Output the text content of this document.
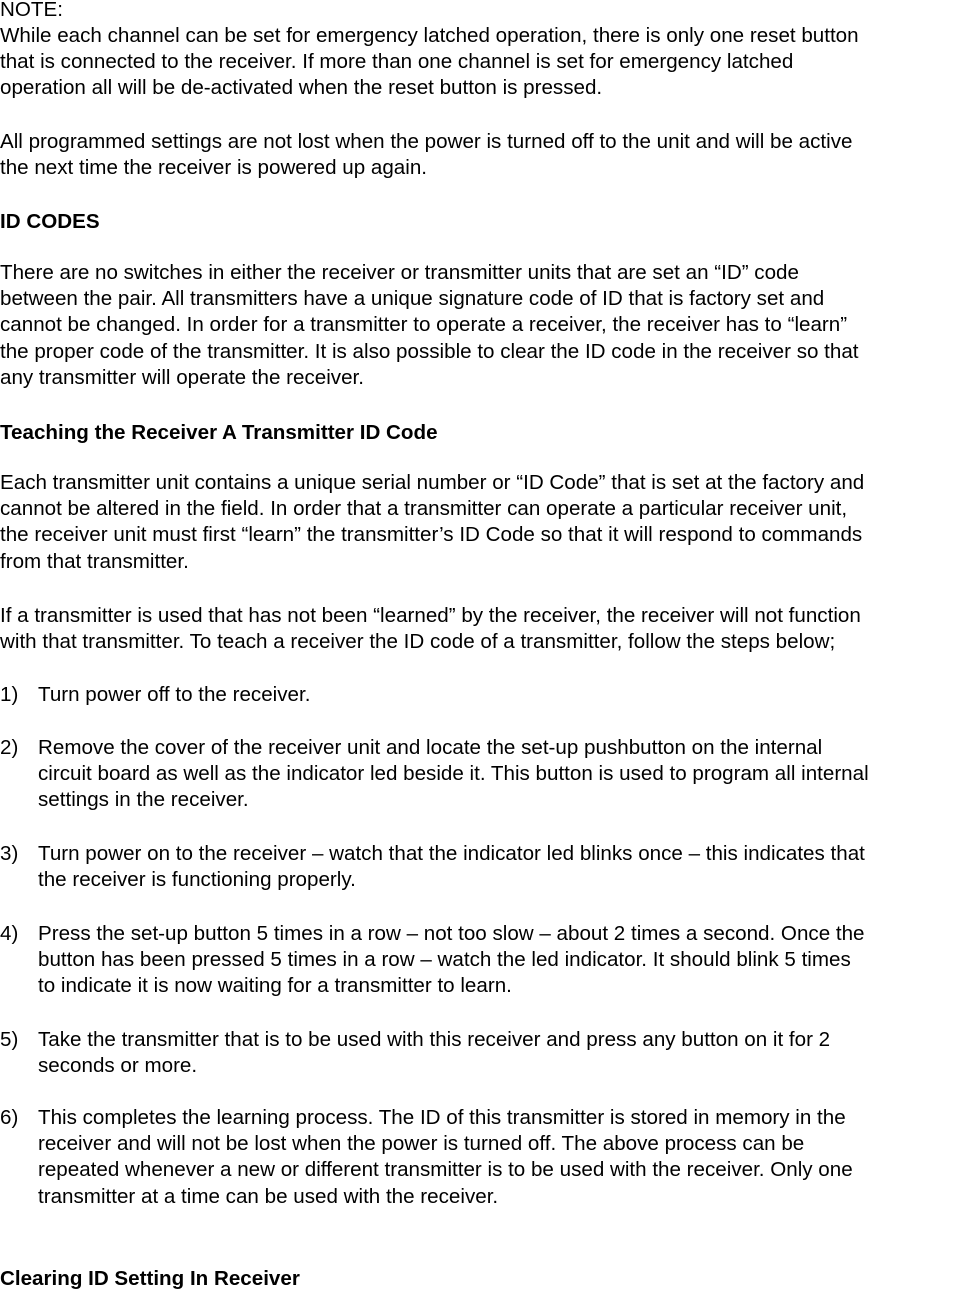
NOTE:

While each channel can be set for emergency latched operation, there is only one reset button
that is connected to the receiver. If more than one channel is set for emergency latched
operation all will be de-activated when the reset button is pressed.

All programmed settings are not lost when the power is turned off to the unit and will be active
the next time the receiver is powered up again.

ID CODES

There are no switches in either the receiver or transmitter units that are set an “ID” code
between the pair. All transmitters have a unique signature code of ID that is factory set and
cannot be changed. In order for a transmitter to operate a receiver, the receiver has to “learn”
the proper code of the transmitter. It is also possible to clear the ID code in the receiver so that
any transmitter will operate the receiver.

Teaching the Receiver A Transmitter ID Code

Each transmitter unit contains a unique serial number or “ID Code” that is set at the factory and
cannot be altered in the field. In order that a transmitter can operate a particular receiver unit,
the receiver unit must first “learn” the transmitter’s ID Code so that it will respond to commands
from that transmitter.

If a transmitter is used that has not been “learned” by the receiver, the receiver will not function
with that transmitter. To teach a receiver the ID code of a transmitter, follow the steps below;

1) Turn power off to the receiver.
2) Remove the cover of the receiver unit and locate the set-up pushbutton on the internal
circuit board as well as the indicator led beside it. This button is used to program all internal
settings in the receiver.
3) Turn power on to the receiver – watch that the indicator led blinks once – this indicates that
the receiver is functioning properly.
4) Press the set-up button 5 times in a row – not too slow – about 2 times a second. Once the
button has been pressed 5 times in a row – watch the led indicator. It should blink 5 times
to indicate it is now waiting for a transmitter to learn.
5) Take the transmitter that is to be used with this receiver and press any button on it for 2
seconds or more.
6) This completes the learning process. The ID of this transmitter is stored in memory in the
receiver and will not be lost when the power is turned off. The above process can be
repeated whenever a new or different transmitter is to be used with the receiver. Only one
transmitter at a time can be used with the receiver.
Clearing ID Setting In Receiver
